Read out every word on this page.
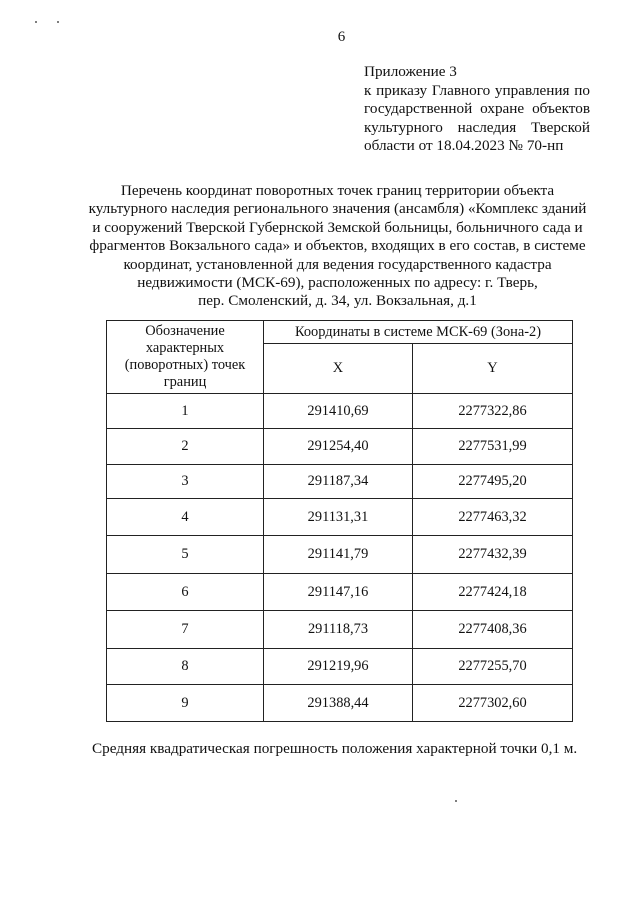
6
Приложение 3
к приказу Главного управления по
государственной охране объектов
культурного наследия Тверской
области от 18.04.2023 № 70-нп
Перечень координат поворотных точек границ территории объекта
культурного наследия регионального значения (ансамбля) «Комплекс зданий
и сооружений Тверской Губернской Земской больницы, больничного сада и
фрагментов Вокзального сада» и объектов, входящих в его состав, в системе
координат, установленной для ведения государственного кадастра
недвижимости (МСК-69), расположенных по адресу: г. Тверь,
пер. Смоленский, д. 34, ул. Вокзальная, д.1
Обозначение
характерных
(поворотных) точек
границ	Координаты в системе МСК-69 (Зона-2)	
	X	Y
1	291410,69	2277322,86
2	291254,40	2277531,99
3	291187,34	2277495,20
4	291131,31	2277463,32
5	291141,79	2277432,39
6	291147,16	2277424,18
7	291118,73	2277408,36
8	291219,96	2277255,70
9	291388,44	2277302,60
Средняя квадратическая погрешность положения характерной точки 0,1 м.
